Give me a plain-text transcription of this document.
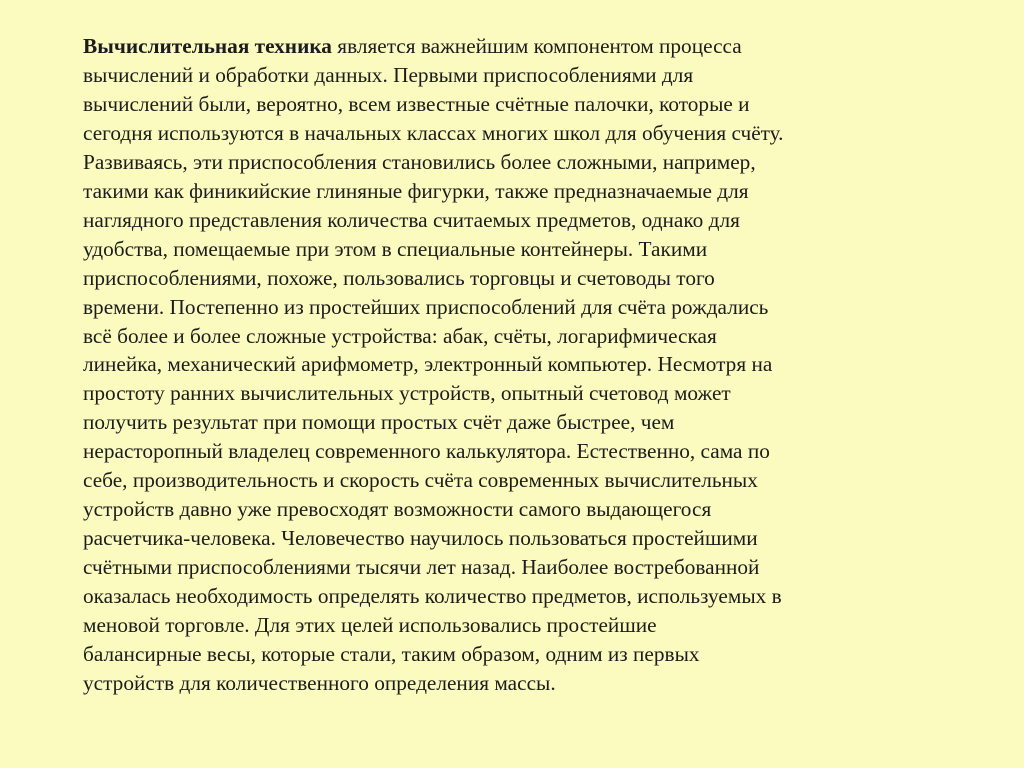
Вычислительная техника является важнейшим компонентом процесса
вычислений и обработки данных. Первыми приспособлениями для
вычислений были, вероятно, всем известные счётные палочки, которые и
сегодня используются в начальных классах многих школ для обучения счёту.
Развиваясь, эти приспособления становились более сложными, например,
такими как финикийские глиняные фигурки, также предназначаемые для
наглядного представления количества считаемых предметов, однако для
удобства, помещаемые при этом в специальные контейнеры. Такими
приспособлениями, похоже, пользовались торговцы и счетоводы того
времени. Постепенно из простейших приспособлений для счёта рождались
всё более и более сложные устройства: абак, счёты, логарифмическая
линейка, механический арифмометр, электронный компьютер. Несмотря на
простоту ранних вычислительных устройств, опытный счетовод может
получить результат при помощи простых счёт даже быстрее, чем
нерасторопный владелец современного калькулятора. Естественно, сама по
себе, производительность и скорость счёта современных вычислительных
устройств давно уже превосходят возможности самого выдающегося
расчетчика-человека. Человечество научилось пользоваться простейшими
счётными приспособлениями тысячи лет назад. Наиболее востребованной
оказалась необходимость определять количество предметов, используемых в
меновой торговле. Для этих целей использовались простейшие
балансирные весы, которые стали, таким образом, одним из первых
устройств для количественного определения массы.
